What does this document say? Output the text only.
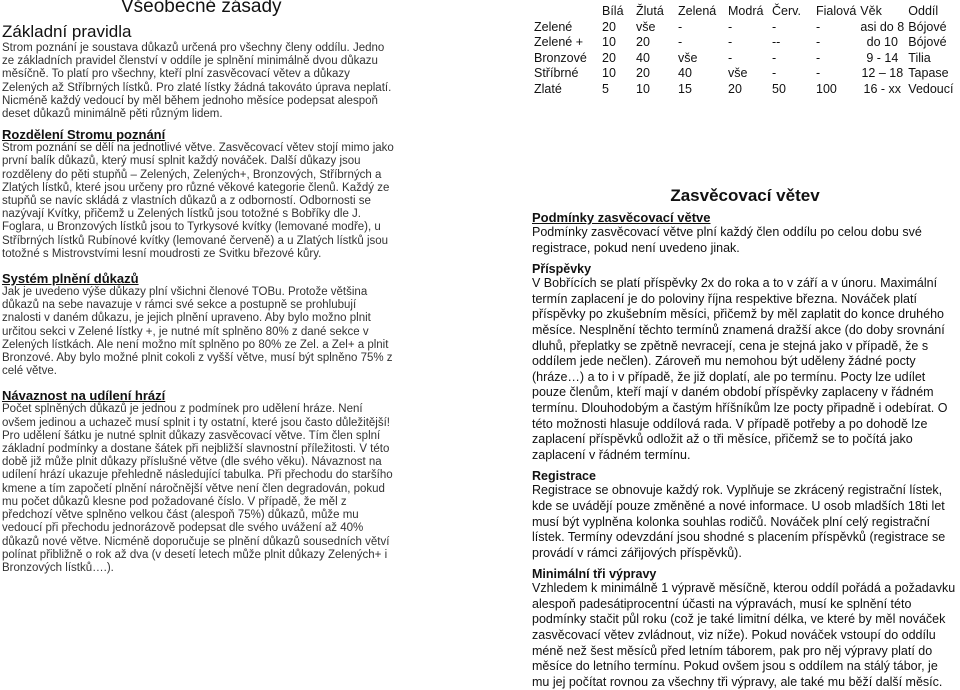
Všeobecné zásady
Základní pravidla

Strom poznání je soustava důkazů určená pro všechny členy oddílu. Jedno ze základních pravidel členství v oddíle je splnění minimálně dvou důkazu měsíčně. To platí pro všechny, kteří plní zasvěcovací větev a důkazy Zelených až Stříbrných lístků. Pro zlaté lístky žádná takováto úprava neplatí. Nicméně každý vedoucí by měl během jednoho měsíce podepsat alespoň deset důkazů minimálně pěti různým lidem.

Rozdělení Stromu poznání

Strom poznání se dělí na jednotlivé větve. Zasvěcovací větev stojí mimo jako první balík důkazů, který musí splnit každý nováček. Další důkazy jsou rozděleny do pěti stupňů – Zelených, Zelených+, Bronzových, Stříbrných a Zlatých lístků, které jsou určeny pro různé věkové kategorie členů. Každý ze stupňů se navíc skládá z vlastních důkazů a z odborností. Odbornosti se nazývají Kvítky, přičemž u Zelených lístků jsou totožné s Bobříky dle J. Foglara, u Bronzových lístků jsou to Tyrkysové kvítky (lemované modře), u Stříbrných lístků Rubínové kvítky (lemované červeně) a u Zlatých lístků jsou totožné s Mistrovstvími lesní moudrosti ze Svitku březové kůry.

Systém plnění důkazů

Jak je uvedeno výše důkazy plní všichni členové TOBu. Protože většina důkazů na sebe navazuje v rámci své sekce a postupně se prohlubují znalosti v daném důkazu, je jejich plnění upraveno. Aby bylo možno plnit určitou sekci v Zelené lístky +, je nutné mít splněno 80% z dané sekce v Zelených lístkách. Ale není možno mít splněno po 80% ze Zel. a Zel+ a plnit Bronzové. Aby bylo možné plnit cokoli z vyšší větve, musí být splněno 75% z celé větve.

Návaznost na udílení hrází

Počet splněných důkazů je jednou z podmínek pro udělení hráze. Není ovšem jedinou a uchazeč musí splnit i ty ostatní, které jsou často důležitější! Pro udělení šátku je nutné splnit důkazy zasvěcovací větve. Tím člen splní základní podmínky a dostane šátek při nejbližší slavnostní příležitosti. V této době již může plnit důkazy příslušné větve (dle svého věku). Návaznost na udílení hrází ukazuje přehledně následující tabulka. Při přechodu do staršího kmene a tím započetí plnění náročnější větve není člen degradován, pokud mu počet důkazů klesne pod požadované číslo. V případě, že měl z předchozí větve splněno velkou část (alespoň 75%) důkazů, může mu vedoucí při přechodu jednorázově podepsat dle svého uvážení až 40% důkazů nové větve. Nicméně doporučuje se plnění důkazů sousedních větví polínat přibližně o rok až dva (v desetí letech může plnit důkazy Zelených+ i Bronzových lístků….).

	Bílá	Žlutá	Zelená	Modrá	Červ.	Fialová	Věk	Oddíl
Zelené	20	vše	-	-	-	-	asi do 8	Bójové
Zelené +	10	20	-	-	--	-	do 10	Bójové
Bronzové	20	40	vše	-	-	-	9 - 14	Tilia
Stříbrné	10	20	40	vše	-	-	12 – 18	Tapase
Zlaté	5	10	15	20	50	100	16 - xx	Vedoucí
Zasvěcovací větev
Podmínky zasvěcovací větve

Podmínky zasvěcovací větve plní každý člen oddílu po celou dobu své registrace, pokud není uvedeno jinak.

Příspěvky

V Bobřících se platí příspěvky 2x do roka a to v září a v únoru. Maximální termín zaplacení je do poloviny října respektive března. Nováček platí příspěvky po zkušebním měsíci, přičemž by měl zaplatit do konce druhého měsíce. Nesplnění těchto termínů znamená dražší akce (do doby srovnání dluhů, přeplatky se zpětně nevracejí, cena je stejná jako v případě, že s oddílem jede nečlen). Zároveň mu nemohou být uděleny žádné pocty (hráze…) a to i v případě, že již doplatí, ale po termínu. Pocty lze udílet pouze členům, kteří mají v daném období příspěvky zaplaceny v řádném termínu. Dlouhodobým a častým hříšníkům lze pocty připadně i odebírat. O této možnosti hlasuje oddílová rada. V případě potřeby a po dohodě lze zaplacení příspěvků odložit až o tři měsíce, přičemž se to počítá jako zaplacení v řádném termínu.

Registrace

Registrace se obnovuje každý rok. Vyplňuje se zkrácený registrační lístek, kde se uvádějí pouze změněné a nové informace. U osob mladších 18ti let musí být vyplněna kolonka souhlas rodičů. Nováček plní celý registrační lístek. Termíny odevzdání jsou shodné s placením příspěvků (registrace se provádí v rámci zářijových příspěvků).

Minimální tři výpravy

Vzhledem k minimálně 1 výpravě měsíčně, kterou oddíl pořádá a požadavku alespoň padesátiprocentní účasti na výpravách, musí ke splnění této podmínky stačit půl roku (což je také limitní délka, ve které by měl nováček zasvěcovací větev zvládnout, viz níže). Pokud nováček vstoupí do oddílu méně než šest měsíců před letním táborem, pak pro něj výpravy platí do měsíce do letního termínu. Pokud ovšem jsou s oddílem na stálý tábor, je mu jej počítat rovnou za všechny tři výpravy, ale také mu běží další měsíc.
